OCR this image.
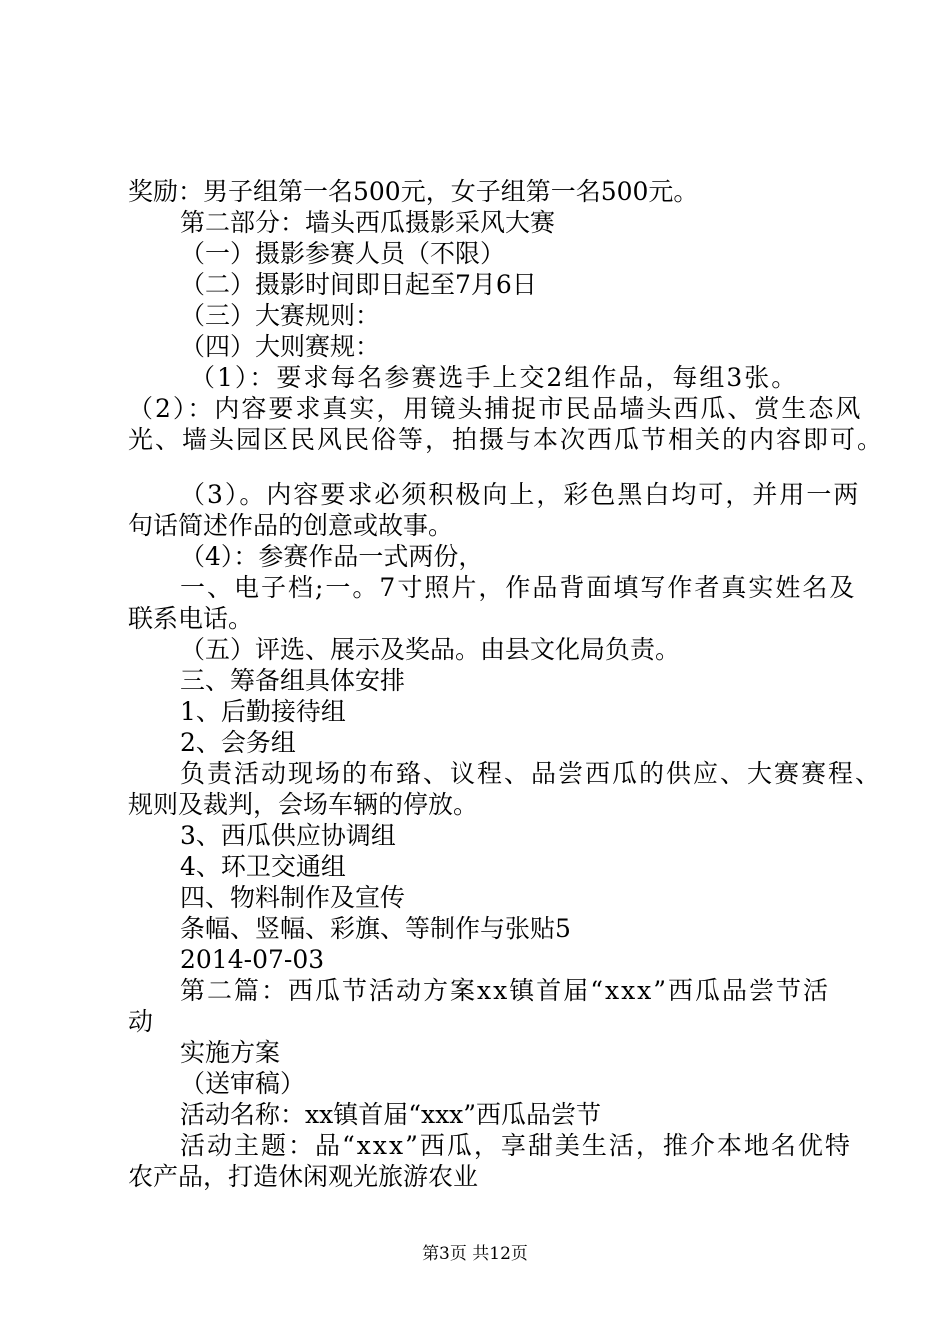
奖励：男子组第一名500元，女子组第一名500元。
第二部分：墙头西瓜摄影采风大赛
（一）摄影参赛人员（不限）
（二）摄影时间即日起至7月6日
（三）大赛规则：
（四）大则赛规：
（1）：要求每名参赛选手上交2组作品，每组3张。
（2）：内容要求真实，用镜头捕捉市民品墙头西瓜、赏生态风
光、墙头园区民风民俗等，拍摄与本次西瓜节相关的内容即可。
（3）。内容要求必须积极向上，彩色黑白均可，并用一两
句话简述作品的创意或故事。
（4）：参赛作品一式两份，
一、电子档;一。7寸照片，作品背面填写作者真实姓名及
联系电话。
（五）评选、展示及奖品。由县文化局负责。
三、筹备组具体安排
1、后勤接待组
2、会务组
负责活动现场的布臵、议程、品尝西瓜的供应、大赛赛程、
规则及裁判，会场车辆的停放。
3、西瓜供应协调组
4、环卫交通组
四、物料制作及宣传
条幅、竖幅、彩旗、等制作与张贴5
2014-07-03
第二篇：西瓜节活动方案xx镇首届“xxx”西瓜品尝节活
动
实施方案
（送审稿）
活动名称：xx镇首届“xxx”西瓜品尝节
活动主题：品“xxx”西瓜，享甜美生活，推介本地名优特
农产品，打造休闲观光旅游农业
第3页 共12页
